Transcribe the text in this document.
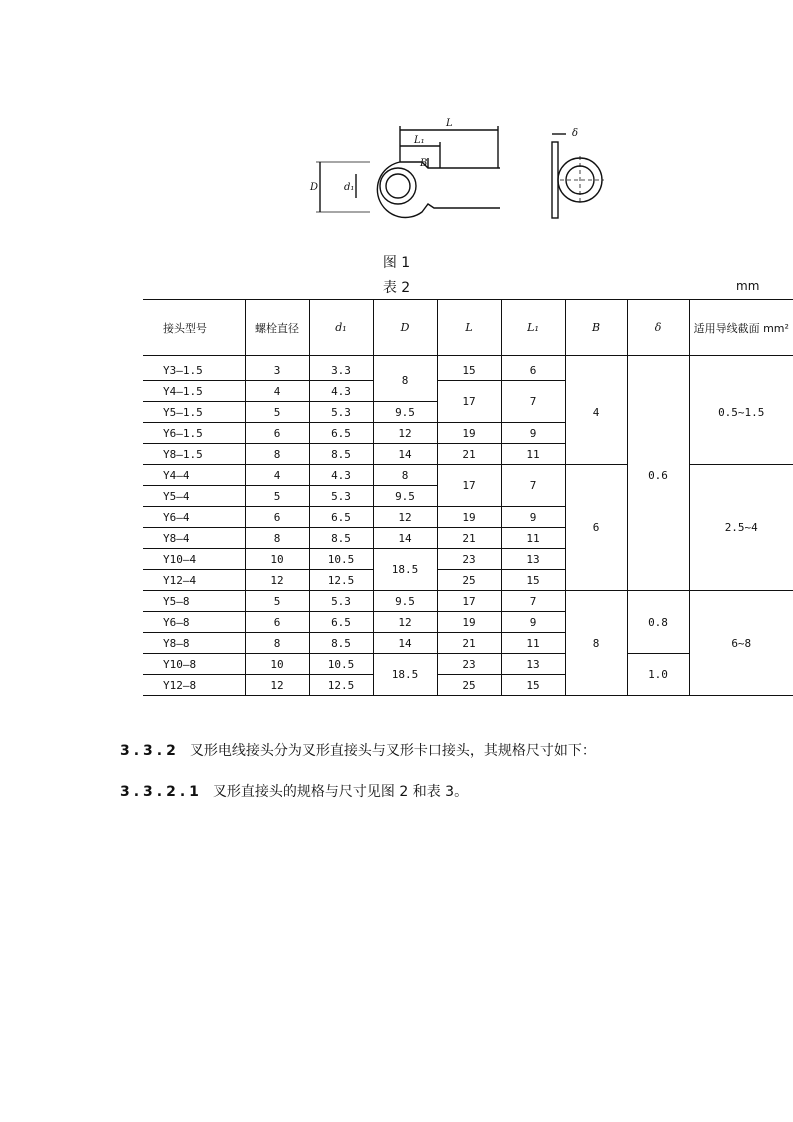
L
L₁
B
D	d₁
δ
图 1
表 2	mm
接头型号	螺栓直径	d₁	D	L	L₁	B	δ	适用导线截面 mm²
Y3—1.5	3	3.3	8	15	6	4	0.6	0.5~1.5
Y4—1.5	4	4.3		17	7			
Y5—1.5	5	5.3	9.5					
Y6—1.5	6	6.5	12	19	9			
Y8—1.5	8	8.5	14	21	11			
Y4—4	4	4.3	8	17	7	6		2.5~4
Y5—4	5	5.3	9.5					
Y6—4	6	6.5	12	19	9			
Y8—4	8	8.5	14	21	11			
Y10—4	10	10.5	18.5	23	13			
Y12—4	12	12.5		25	15			
Y5—8	5	5.3	9.5	17	7	8	0.8	6~8
Y6—8	6	6.5	12	19	9			
Y8—8	8	8.5	14	21	11			
Y10—8	10	10.5	18.5	23	13		1.0	
Y12—8	12	12.5		25	15			
3.3.2 叉形电线接头分为叉形直接头与叉形卡口接头，其规格尺寸如下：
3.3.2.1 叉形直接头的规格与尺寸见图 2 和表 3。
